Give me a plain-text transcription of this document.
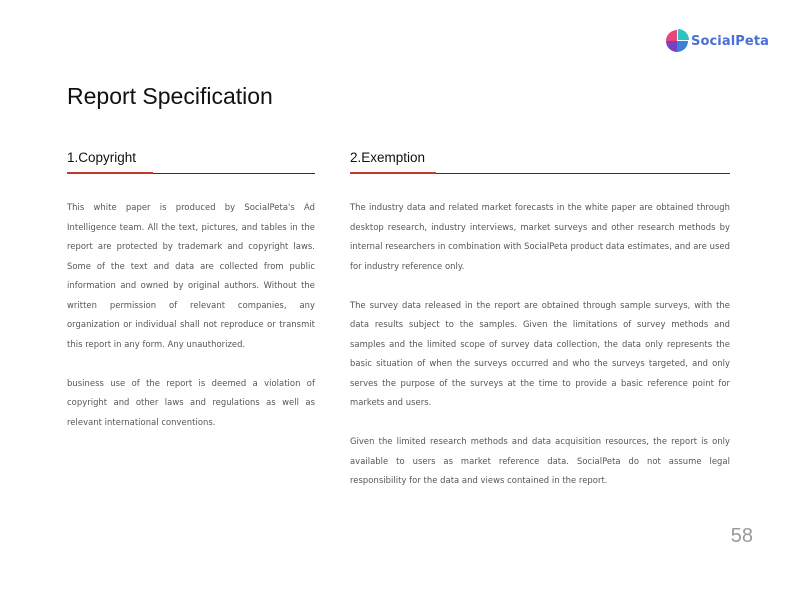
SocialPeta
Report Specification
1.Copyright

This white paper is produced by SocialPeta's Ad Intelligence team. All the text, pictures, and tables in the report are protected by trademark and copyright laws. Some of the text and data are collected from public information and owned by original authors. Without the written permission of relevant companies, any organization or individual shall not reproduce or transmit this report in any form. Any unauthorized.

business use of the report is deemed a violation of copyright and other laws and regulations as well as relevant international conventions.

2.Exemption

The industry data and related market forecasts in the white paper are obtained through desktop research, industry interviews, market surveys and other research methods by internal researchers in combination with SocialPeta product data estimates, and are used for industry reference only.

The survey data released in the report are obtained through sample surveys, with the data results subject to the samples. Given the limitations of survey methods and samples and the limited scope of survey data collection, the data only represents the basic situation of when the surveys occurred and who the surveys targeted, and only serves the purpose of the surveys at the time to provide a basic reference point for markets and users.

Given the limited research methods and data acquisition resources, the report is only available to users as market reference data. SocialPeta do not assume legal responsibility for the data and views contained in the report.

58
